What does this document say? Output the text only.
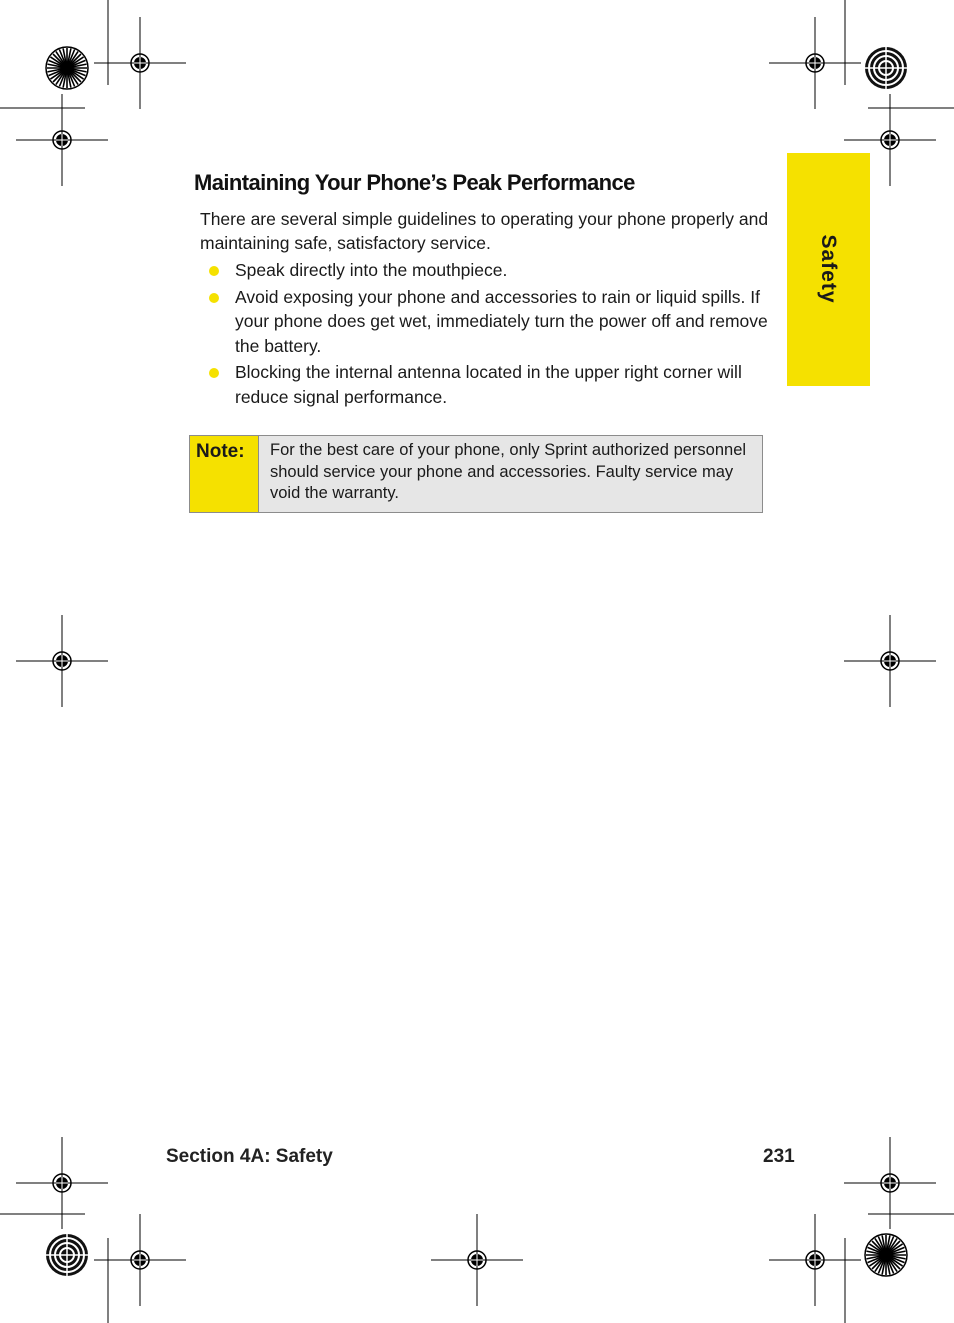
Safety
Maintaining Your Phone’s Peak Performance

There are several simple guidelines to operating your phone properly and maintaining safe, satisfactory service.

Speak directly into the mouthpiece.
Avoid exposing your phone and accessories to rain or liquid spills. If your phone does get wet, immediately turn the power off and remove the battery.
Blocking the internal antenna located in the upper right corner will reduce signal performance.
Note:	For the best care of your phone, only Sprint authorized personnel should service your phone and accessories. Faulty service may void the warranty.
Section 4A: Safety	231
